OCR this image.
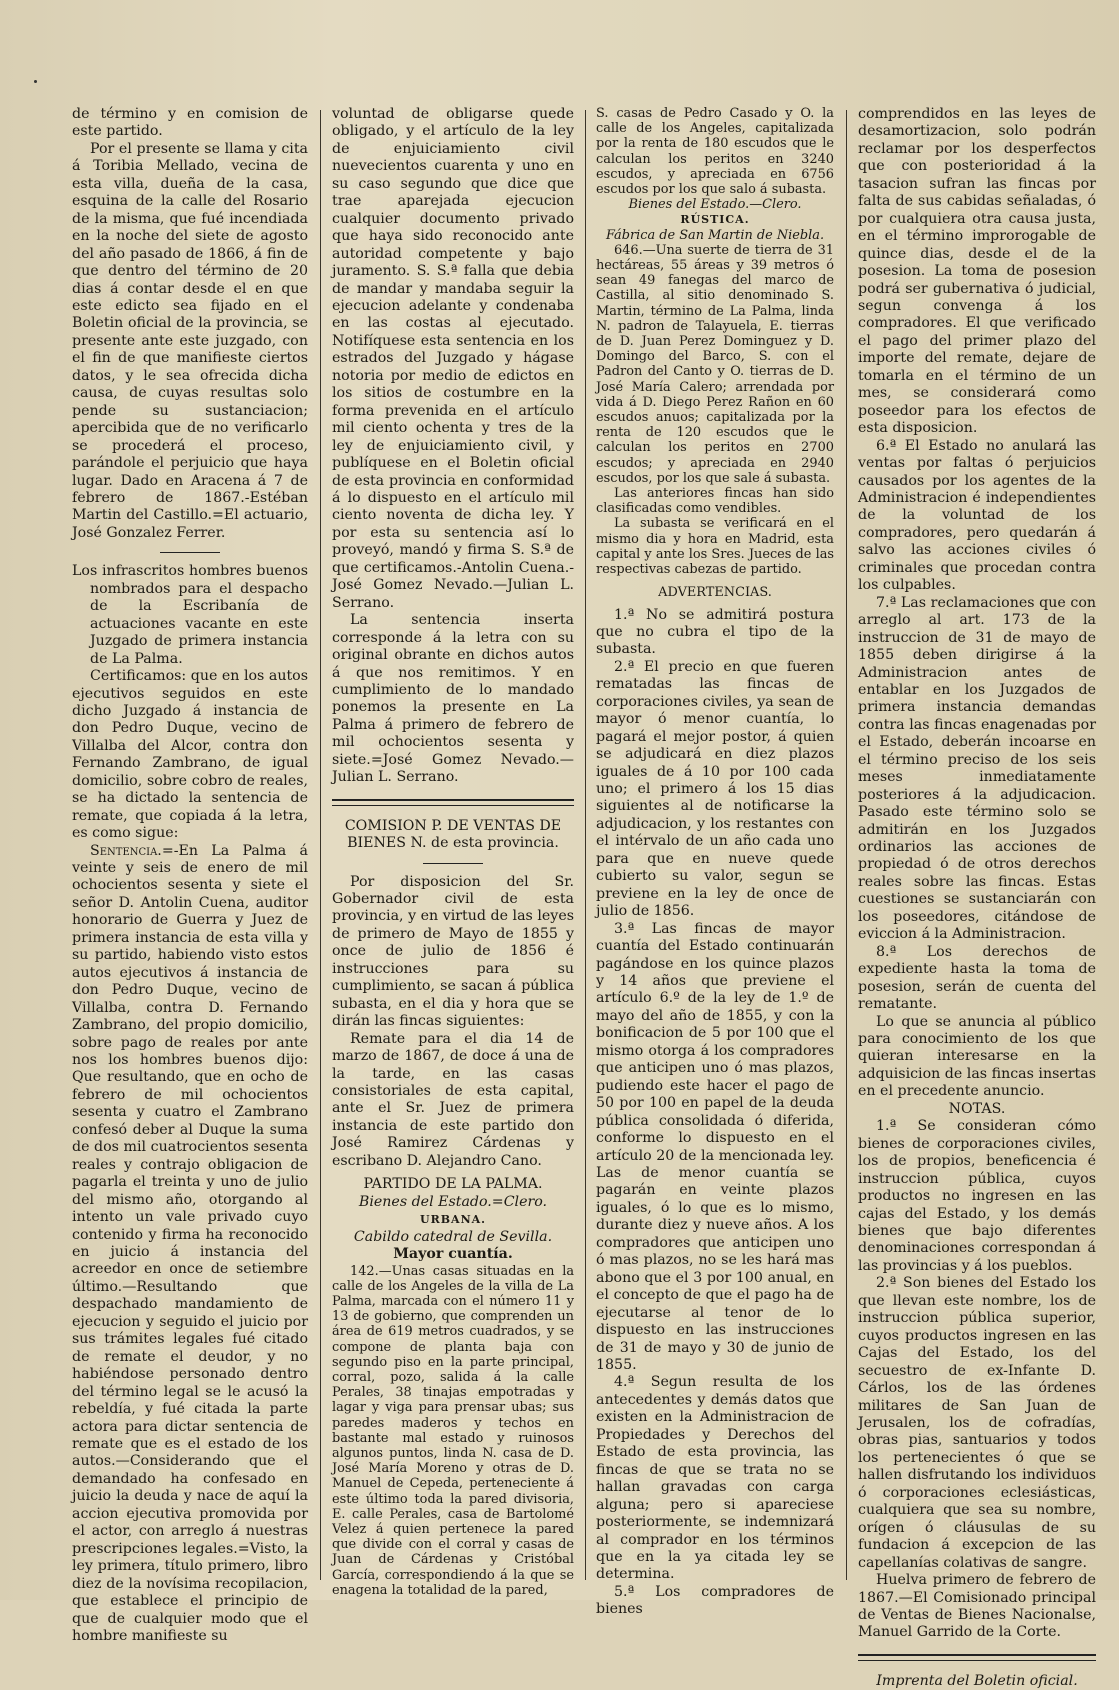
de término y en comision de este partido.

Por el presente se llama y cita á Toribia Mellado, vecina de esta villa, dueña de la casa, esquina de la calle del Rosario de la misma, que fué incendiada en la noche del siete de agosto del año pasado de 1866, á fin de que dentro del término de 20 dias á contar desde el en que este edicto sea fijado en el Boletin oficial de la provincia, se presente ante este juzgado, con el fin de que manifieste ciertos datos, y le sea ofrecida dicha causa, de cuyas resultas solo pende su sustanciacion; apercibida que de no verificarlo se procederá el proceso, parándole el perjuicio que haya lugar. Dado en Aracena á 7 de febrero de 1867.-Estéban Martin del Castillo.=El actuario, José Gonzalez Ferrer.

Los infrascritos hombres buenos nombrados para el despacho de la Escribanía de actuaciones vacante en este Juzgado de primera instancia de La Palma.

Certificamos: que en los autos ejecutivos seguidos en este dicho Juzgado á instancia de don Pedro Duque, vecino de Villalba del Alcor, contra don Fernando Zambrano, de igual domicilio, sobre cobro de reales, se ha dictado la sentencia de remate, que copiada á la letra, es como sigue:

Sentencia.=-En La Palma á veinte y seis de enero de mil ochocientos sesenta y siete el señor D. Antolin Cuena, auditor honorario de Guerra y Juez de primera instancia de esta villa y su partido, habiendo visto estos autos ejecutivos á instancia de don Pedro Duque, vecino de Villalba, contra D. Fernando Zambrano, del propio domicilio, sobre pago de reales por ante nos los hombres buenos dijo: Que resultando, que en ocho de febrero de mil ochocientos sesenta y cuatro el Zambrano confesó deber al Duque la suma de dos mil cuatrocientos sesenta reales y contrajo obligacion de pagarla el treinta y uno de julio del mismo año, otorgando al intento un vale privado cuyo contenido y firma ha reconocido en juicio á instancia del acreedor en once de setiembre último.—Resultando que despachado mandamiento de ejecucion y seguido el juicio por sus trámites legales fué citado de remate el deudor, y no habiéndose personado dentro del término legal se le acusó la rebeldía, y fué citada la parte actora para dictar sentencia de remate que es el estado de los autos.—Considerando que el demandado ha confesado en juicio la deuda y nace de aquí la accion ejecutiva promovida por el actor, con arreglo á nuestras prescripciones legales.=Visto, la ley primera, título primero, libro diez de la novísima recopilacion, que establece el principio de que de cualquier modo que el hombre manifieste su

voluntad de obligarse quede obligado, y el artículo de la ley de enjuiciamiento civil nuevecientos cuarenta y uno en su caso segundo que dice que trae aparejada ejecucion cualquier documento privado que haya sido reconocido ante autoridad competente y bajo juramento. S. S.ª falla que debia de mandar y mandaba seguir la ejecucion adelante y condenaba en las costas al ejecutado. Notifíquese esta sentencia en los estrados del Juzgado y hágase notoria por medio de edictos en los sitios de costumbre en la forma prevenida en el artículo mil ciento ochenta y tres de la ley de enjuiciamiento civil, y publíquese en el Boletin oficial de esta provincia en conformidad á lo dispuesto en el artículo mil ciento noventa de dicha ley. Y por esta su sentencia así lo proveyó, mandó y firma S. S.ª de que certificamos.-Antolin Cuena.-José Gomez Nevado.—Julian L. Serrano.

La sentencia inserta corresponde á la letra con su original obrante en dichos autos á que nos remitimos. Y en cumplimiento de lo mandado ponemos la presente en La Palma á primero de febrero de mil ochocientos sesenta y siete.=José Gomez Nevado.—Julian L. Serrano.

COMISION P. DE VENTAS DE BIENES N. de esta provincia.

Por disposicion del Sr. Gobernador civil de esta provincia, y en virtud de las leyes de primero de Mayo de 1855 y once de julio de 1856 é instrucciones para su cumplimiento, se sacan á pública subasta, en el dia y hora que se dirán las fincas siguientes:

Remate para el dia 14 de marzo de 1867, de doce á una de la tarde, en las casas consistoriales de esta capital, ante el Sr. Juez de primera instancia de este partido don José Ramirez Cárdenas y escribano D. Alejandro Cano.

PARTIDO DE LA PALMA.

Bienes del Estado.=Clero.

URBANA.

Cabildo catedral de Sevilla.

Mayor cuantía.

142.—Unas casas situadas en la calle de los Angeles de la villa de La Palma, marcada con el número 11 y 13 de gobierno, que comprenden un área de 619 metros cuadrados, y se compone de planta baja con segundo piso en la parte principal, corral, pozo, salida á la calle Perales, 38 tinajas empotradas y lagar y viga para prensar ubas; sus paredes maderos y techos en bastante mal estado y ruinosos algunos puntos, linda N. casa de D. José María Moreno y otras de D. Manuel de Cepeda, perteneciente á este último toda la pared divisoria, E. calle Perales, casa de Bartolomé Velez á quien pertenece la pared que divide con el corral y casas de Juan de Cárdenas y Cristóbal García, correspondiendo á la que se enagena la totalidad de la pared,

S. casas de Pedro Casado y O. la calle de los Angeles, capitalizada por la renta de 180 escudos que le calculan los peritos en 3240 escudos, y apreciada en 6756 escudos por los que salo á subasta.

Bienes del Estado.—Clero.

RÚSTICA.

Fábrica de San Martin de Niebla.

646.—Una suerte de tierra de 31 hectáreas, 55 áreas y 39 metros ó sean 49 fanegas del marco de Castilla, al sitio denominado S. Martin, término de La Palma, linda N. padron de Talayuela, E. tierras de D. Juan Perez Dominguez y D. Domingo del Barco, S. con el Padron del Canto y O. tierras de D. José María Calero; arrendada por vida á D. Diego Perez Rañon en 60 escudos anuos; capitalizada por la renta de 120 escudos que le calculan los peritos en 2700 escudos; y apreciada en 2940 escudos, por los que sale á subasta.

Las anteriores fincas han sido clasificadas como vendibles.

La subasta se verificará en el mismo dia y hora en Madrid, esta capital y ante los Sres. Jueces de las respectivas cabezas de partido.

ADVERTENCIAS.

1.ª No se admitirá postura que no cubra el tipo de la subasta.

2.ª El precio en que fueren rematadas las fincas de corporaciones civiles, ya sean de mayor ó menor cuantía, lo pagará el mejor postor, á quien se adjudicará en diez plazos iguales de á 10 por 100 cada uno; el primero á los 15 dias siguientes al de notificarse la adjudicacion, y los restantes con el intérvalo de un año cada uno para que en nueve quede cubierto su valor, segun se previene en la ley de once de julio de 1856.

3.ª Las fincas de mayor cuantía del Estado continuarán pagándose en los quince plazos y 14 años que previene el artículo 6.º de la ley de 1.º de mayo del año de 1855, y con la bonificacion de 5 por 100 que el mismo otorga á los compradores que anticipen uno ó mas plazos, pudiendo este hacer el pago de 50 por 100 en papel de la deuda pública consolidada ó diferida, conforme lo dispuesto en el artículo 20 de la mencionada ley. Las de menor cuantía se pagarán en veinte plazos iguales, ó lo que es lo mismo, durante diez y nueve años. A los compradores que anticipen uno ó mas plazos, no se les hará mas abono que el 3 por 100 anual, en el concepto de que el pago ha de ejecutarse al tenor de lo dispuesto en las instrucciones de 31 de mayo y 30 de junio de 1855.

4.ª Segun resulta de los antecedentes y demás datos que existen en la Administracion de Propiedades y Derechos del Estado de esta provincia, las fincas de que se trata no se hallan gravadas con carga alguna; pero si apareciese posteriormente, se indemnizará al comprador en los términos que en la ya citada ley se determina.

5.ª Los compradores de bienes

comprendidos en las leyes de desamortizacion, solo podrán reclamar por los desperfectos que con posterioridad á la tasacion sufran las fincas por falta de sus cabidas señaladas, ó por cualquiera otra causa justa, en el término improrogable de quince dias, desde el de la posesion. La toma de posesion podrá ser gubernativa ó judicial, segun convenga á los compradores. El que verificado el pago del primer plazo del importe del remate, dejare de tomarla en el término de un mes, se considerará como poseedor para los efectos de esta disposicion.

6.ª El Estado no anulará las ventas por faltas ó perjuicios causados por los agentes de la Administracion é independientes de la voluntad de los compradores, pero quedarán á salvo las acciones civiles ó criminales que procedan contra los culpables.

7.ª Las reclamaciones que con arreglo al art. 173 de la instruccion de 31 de mayo de 1855 deben dirigirse á la Administracion antes de entablar en los Juzgados de primera instancia demandas contra las fincas enagenadas por el Estado, deberán incoarse en el término preciso de los seis meses inmediatamente posteriores á la adjudicacion. Pasado este término solo se admitirán en los Juzgados ordinarios las acciones de propiedad ó de otros derechos reales sobre las fincas. Estas cuestiones se sustanciarán con los poseedores, citándose de eviccion á la Administracion.

8.ª Los derechos de expediente hasta la toma de posesion, serán de cuenta del rematante.

Lo que se anuncia al público para conocimiento de los que quieran interesarse en la adquisicion de las fincas insertas en el precedente anuncio.

NOTAS.

1.ª Se consideran cómo bienes de corporaciones civiles, los de propios, beneficencia é instruccion pública, cuyos productos no ingresen en las cajas del Estado, y los demás bienes que bajo diferentes denominaciones correspondan á las provincias y á los pueblos.

2.ª Son bienes del Estado los que llevan este nombre, los de instruccion pública superior, cuyos productos ingresen en las Cajas del Estado, los del secuestro de ex-Infante D. Cárlos, los de las órdenes militares de San Juan de Jerusalen, los de cofradías, obras pias, santuarios y todos los pertenecientes ó que se hallen disfrutando los individuos ó corporaciones eclesiásticas, cualquiera que sea su nombre, orígen ó cláusulas de su fundacion á excepcion de las capellanías colativas de sangre.

Huelva primero de febrero de 1867.—El Comisionado principal de Ventas de Bienes Nacionalse, Manuel Garrido de la Corte.

Imprenta del Boletin oficial.
